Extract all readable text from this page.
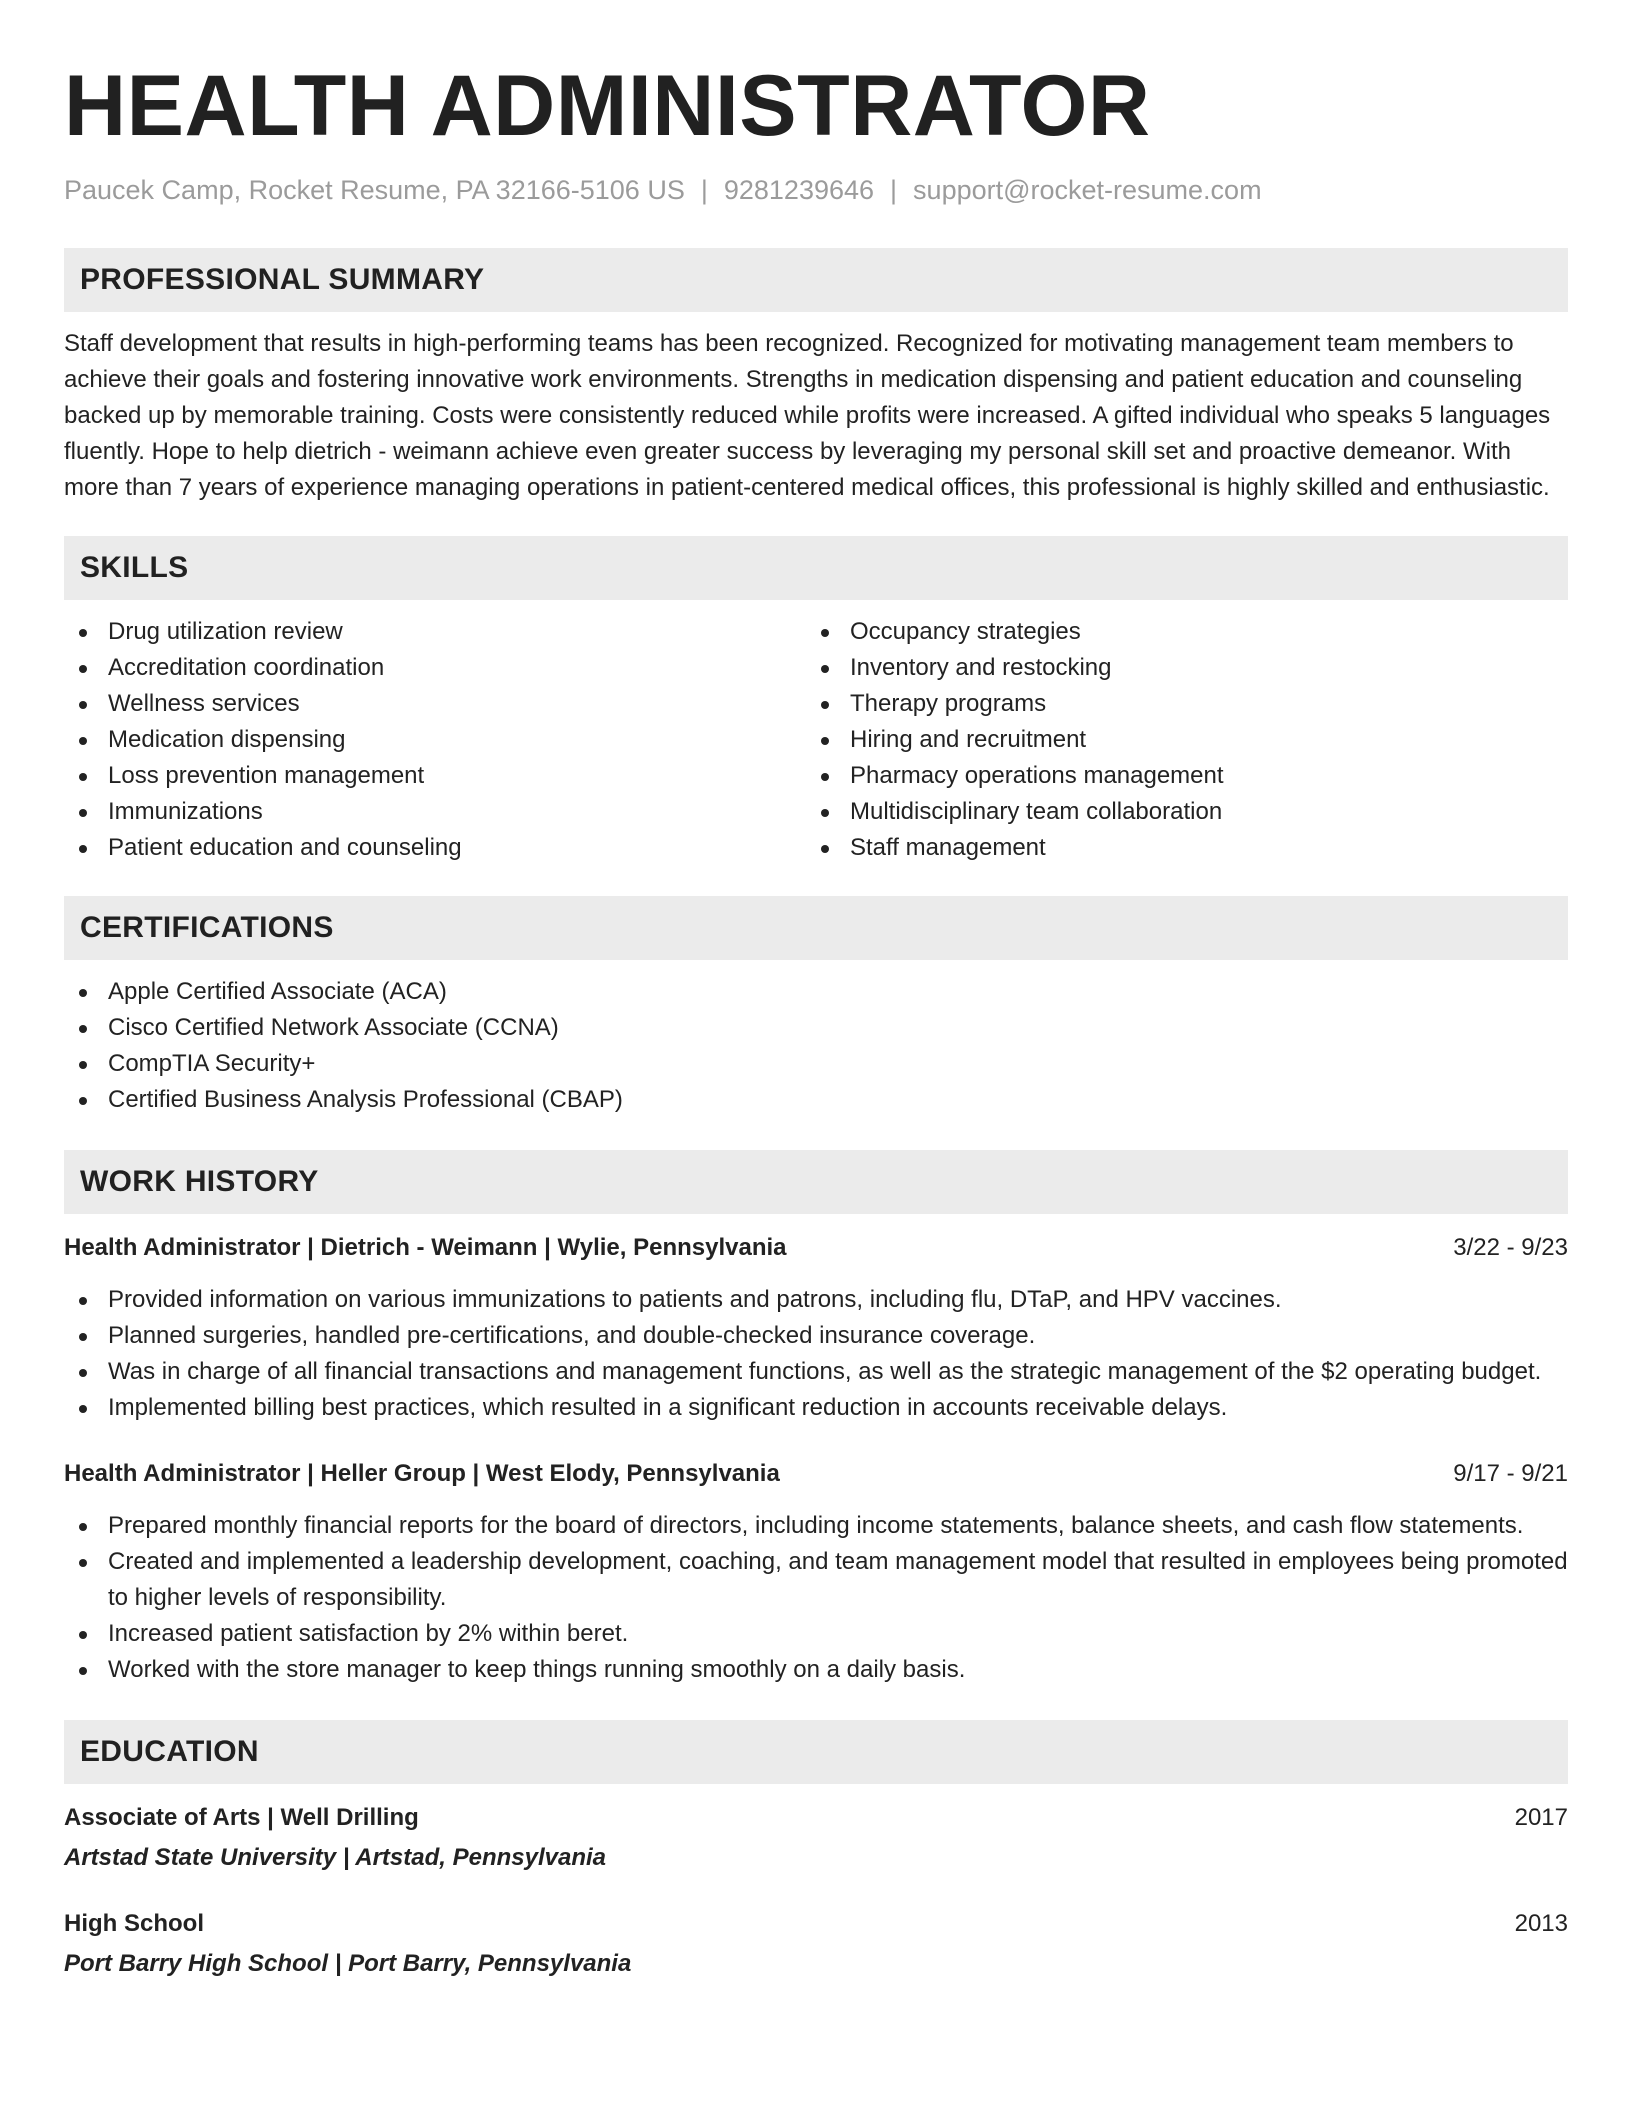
HEALTH ADMINISTRATOR
Paucek Camp, Rocket Resume, PA 32166-5106 US | 9281239646 | support@rocket-resume.com
PROFESSIONAL SUMMARY

Staff development that results in high-performing teams has been recognized. Recognized for motivating management team members to achieve their goals and fostering innovative work environments. Strengths in medication dispensing and patient education and counseling backed up by memorable training. Costs were consistently reduced while profits were increased. A gifted individual who speaks 5 languages fluently. Hope to help dietrich - weimann achieve even greater success by leveraging my personal skill set and proactive demeanor. With more than 7 years of experience managing operations in patient-centered medical offices, this professional is highly skilled and enthusiastic.

SKILLS
Drug utilization review
Accreditation coordination
Wellness services
Medication dispensing
Loss prevention management
Immunizations
Patient education and counseling
Occupancy strategies
Inventory and restocking
Therapy programs
Hiring and recruitment
Pharmacy operations management
Multidisciplinary team collaboration
Staff management
CERTIFICATIONS
Apple Certified Associate (ACA)
Cisco Certified Network Associate (CCNA)
CompTIA Security+
Certified Business Analysis Professional (CBAP)
WORK HISTORY
Health Administrator | Dietrich - Weimann | Wylie, Pennsylvania	3/22 - 9/23
Provided information on various immunizations to patients and patrons, including flu, DTaP, and HPV vaccines.
Planned surgeries, handled pre-certifications, and double-checked insurance coverage.
Was in charge of all financial transactions and management functions, as well as the strategic management of the $2 operating budget.
Implemented billing best practices, which resulted in a significant reduction in accounts receivable delays.
Health Administrator | Heller Group | West Elody, Pennsylvania	9/17 - 9/21
Prepared monthly financial reports for the board of directors, including income statements, balance sheets, and cash flow statements.
Created and implemented a leadership development, coaching, and team management model that resulted in employees being promoted to higher levels of responsibility.
Increased patient satisfaction by 2% within beret.
Worked with the store manager to keep things running smoothly on a daily basis.
EDUCATION
Associate of Arts | Well Drilling	2017
Artstad State University | Artstad, Pennsylvania
High School	2013
Port Barry High School | Port Barry, Pennsylvania
